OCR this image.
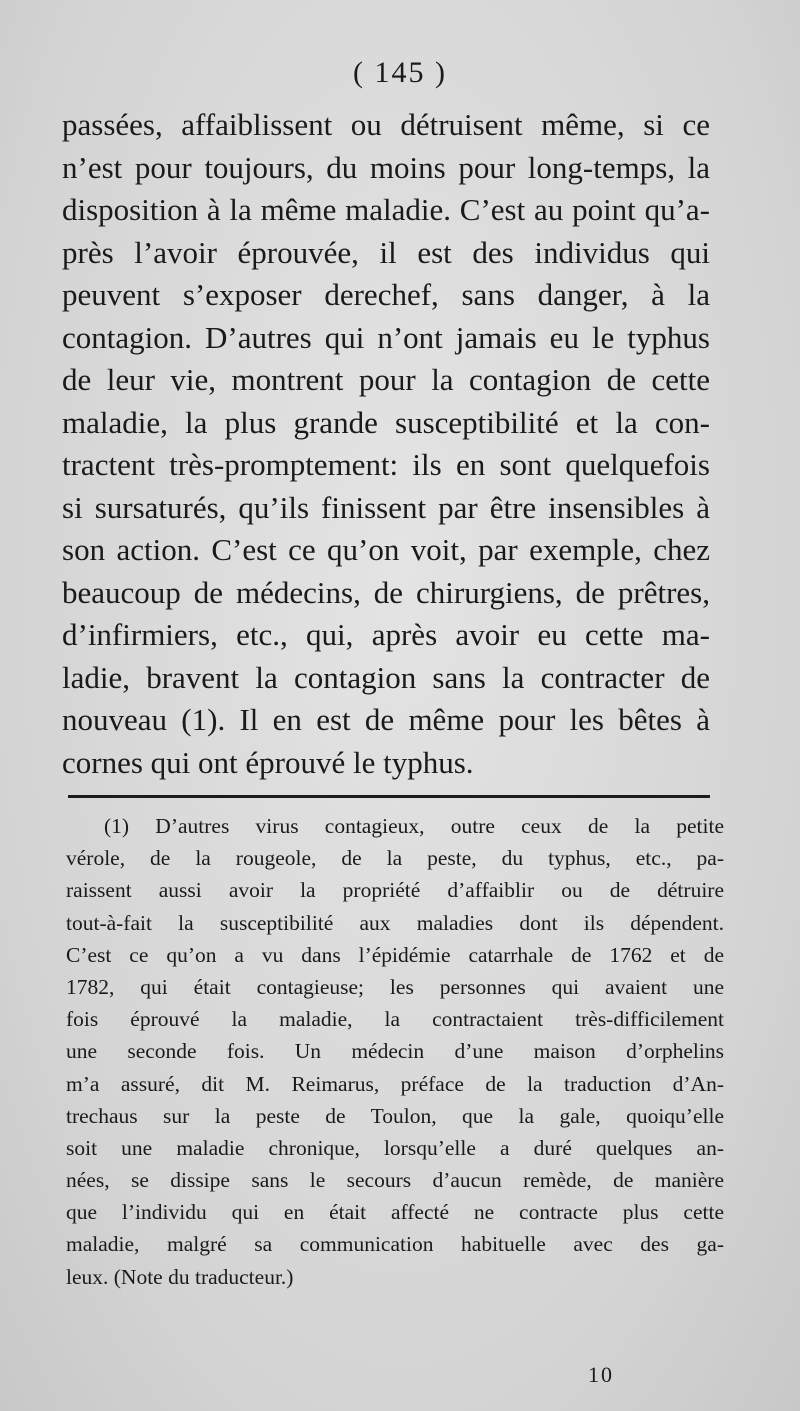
( 145 )
passées, affaiblissent ou détruisent même, si ce
n’est pour toujours, du moins pour long-temps, la
disposition à la même maladie. C’est au point qu’a-
près l’avoir éprouvée, il est des individus qui
peuvent s’exposer derechef, sans danger, à la
contagion. D’autres qui n’ont jamais eu le typhus
de leur vie, montrent pour la contagion de cette
maladie, la plus grande susceptibilité et la con-
tractent très-promptement: ils en sont quelquefois
si sursaturés, qu’ils finissent par être insensibles à
son action. C’est ce qu’on voit, par exemple, chez
beaucoup de médecins, de chirurgiens, de prêtres,
d’infirmiers, etc., qui, après avoir eu cette ma-
ladie, bravent la contagion sans la contracter de
nouveau (1). Il en est de même pour les bêtes à
cornes qui ont éprouvé le typhus.
(1) D’autres virus contagieux, outre ceux de la petite
vérole, de la rougeole, de la peste, du typhus, etc., pa-
raissent aussi avoir la propriété d’affaiblir ou de détruire
tout-à-fait la susceptibilité aux maladies dont ils dépendent.
C’est ce qu’on a vu dans l’épidémie catarrhale de 1762 et de
1782, qui était contagieuse; les personnes qui avaient une
fois éprouvé la maladie, la contractaient très-difficilement
une seconde fois. Un médecin d’une maison d’orphelins
m’a assuré, dit M. Reimarus, préface de la traduction d’An-
trechaus sur la peste de Toulon, que la gale, quoiqu’elle
soit une maladie chronique, lorsqu’elle a duré quelques an-
nées, se dissipe sans le secours d’aucun remède, de manière
que l’individu qui en était affecté ne contracte plus cette
maladie, malgré sa communication habituelle avec des ga-
leux. (Note du traducteur.)
10
